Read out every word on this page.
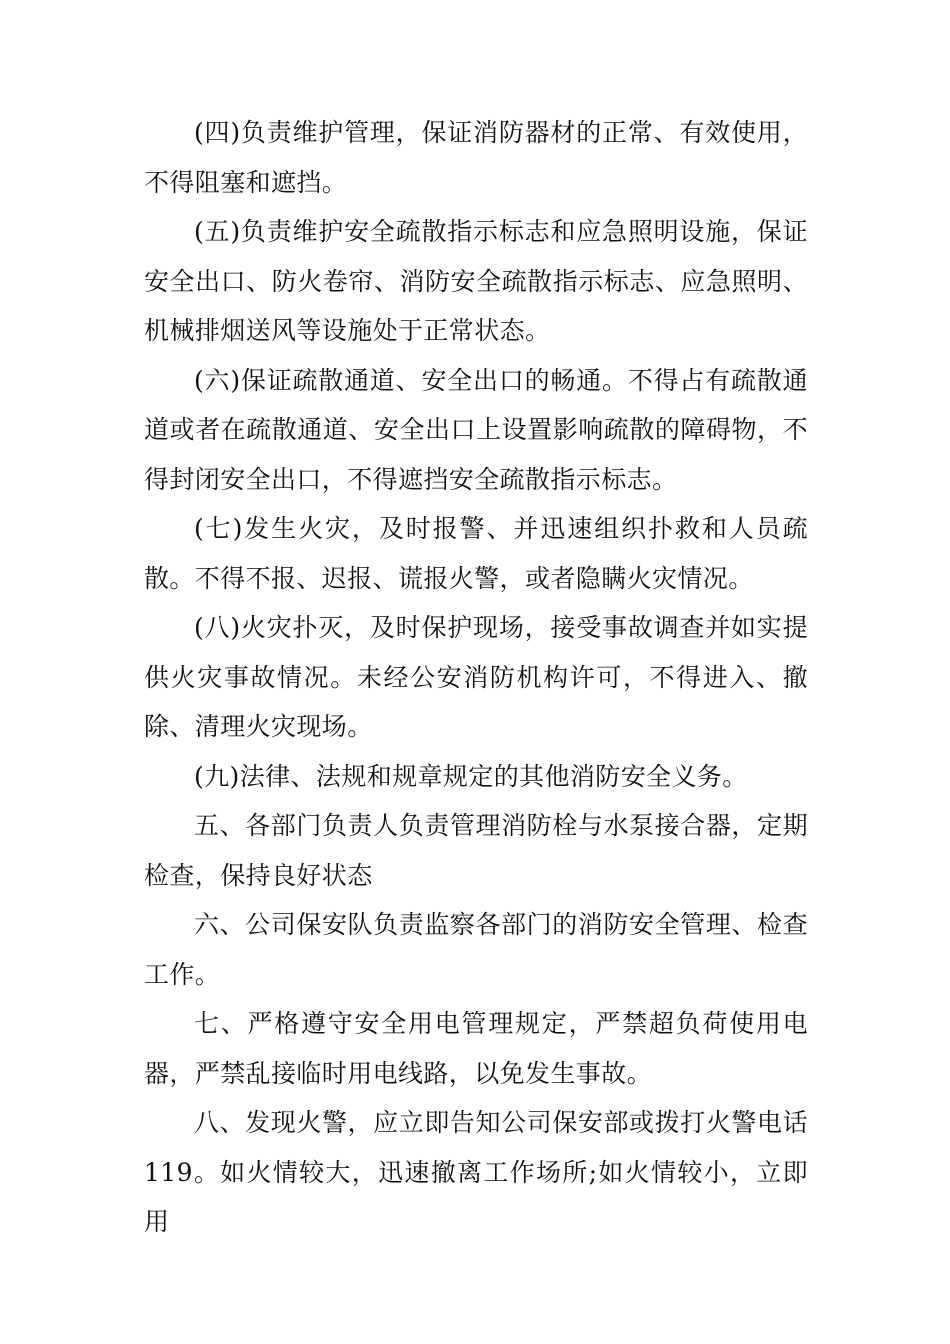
(四)负责维护管理，保证消防器材的正常、有效使用，不得阻塞和遮挡。

(五)负责维护安全疏散指示标志和应急照明设施，保证安全出口、防火卷帘、消防安全疏散指示标志、应急照明、机械排烟送风等设施处于正常状态。

(六)保证疏散通道、安全出口的畅通。不得占有疏散通道或者在疏散通道、安全出口上设置影响疏散的障碍物，不得封闭安全出口，不得遮挡安全疏散指示标志。

(七)发生火灾，及时报警、并迅速组织扑救和人员疏散。不得不报、迟报、谎报火警，或者隐瞒火灾情况。

(八)火灾扑灭，及时保护现场，接受事故调查并如实提供火灾事故情况。未经公安消防机构许可，不得进入、撤除、清理火灾现场。

(九)法律、法规和规章规定的其他消防安全义务。

五、各部门负责人负责管理消防栓与水泵接合器，定期检查，保持良好状态

六、公司保安队负责监察各部门的消防安全管理、检查工作。

七、严格遵守安全用电管理规定，严禁超负荷使用电器，严禁乱接临时用电线路，以免发生事故。

八、发现火警，应立即告知公司保安部或拨打火警电话119。如火情较大，迅速撤离工作场所;如火情较小，立即用
